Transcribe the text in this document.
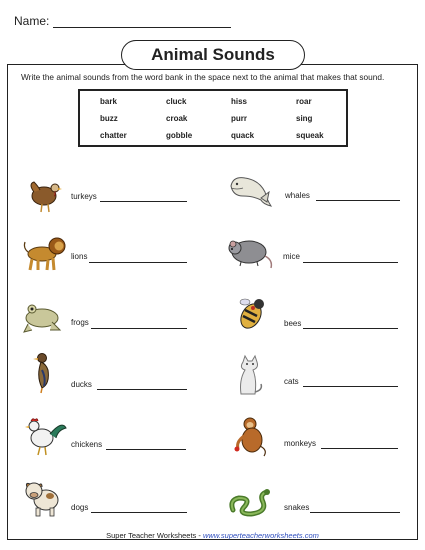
Name:
Animal Sounds
Write the animal sounds from the word bank in the space next to the animal that makes that sound.
bark	cluck	hiss	roar
buzz	croak	purr	sing
chatter	gobble	quack	squeak
turkeys
lions
frogs
ducks
chickens
dogs
whales
mice
bees
cats
monkeys
snakes
Super Teacher Worksheets - www.superteacherworksheets.com
